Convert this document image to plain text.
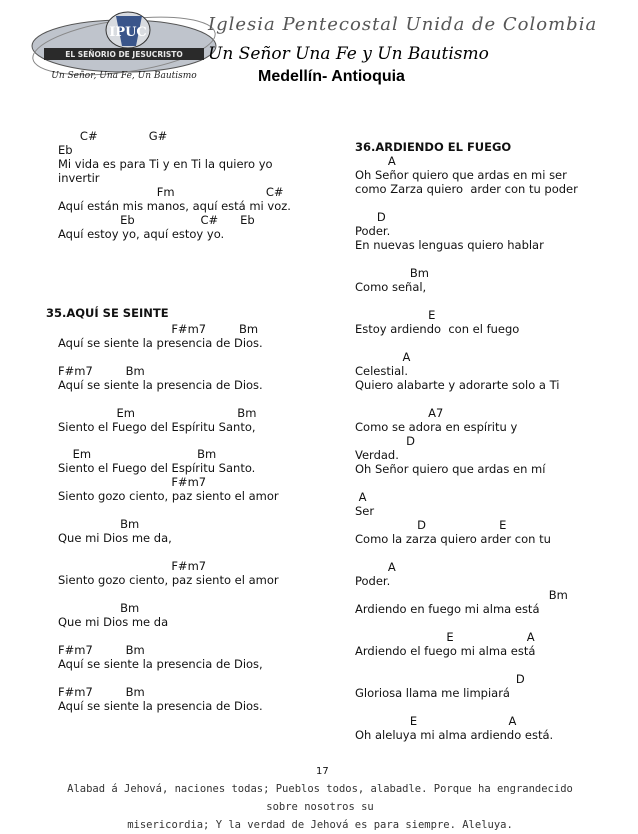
IPUC
EL SEÑORIO DE JESUCRISTO
Un Señor, Una Fe, Un Bautismo
Iglesia Pentecostal Unida de Colombia
Un Señor Una Fe y Un Bautismo
Medellín- Antioquia
C#              G#
Eb
Mi vida es para Ti y en Ti la quiero yo
invertir
Fm                         C#
Aquí están mis manos, aquí está mi voz.
Eb                  C#      Eb
Aquí estoy yo, aquí estoy yo.
35.AQUÍ SE SEINTE
F#m7         Bm
Aquí se siente la presencia de Dios.
F#m7         Bm
Aquí se siente la presencia de Dios.
Em                            Bm
Siento el Fuego del Espíritu Santo,
Em                             Bm
Siento el Fuego del Espíritu Santo.
F#m7
Siento gozo ciento, paz siento el amor
Bm
Que mi Dios me da,
F#m7
Siento gozo ciento, paz siento el amor
Bm
Que mi Dios me da
F#m7         Bm
Aquí se siente la presencia de Dios,
F#m7         Bm
Aquí se siente la presencia de Dios.
36.ARDIENDO EL FUEGO
A
Oh Señor quiero que ardas en mi ser
como Zarza quiero  arder con tu poder
D
Poder.
En nuevas lenguas quiero hablar
Bm
Como señal,
E
Estoy ardiendo  con el fuego
A
Celestial.
Quiero alabarte y adorarte solo a Ti
A7
Como se adora en espíritu y
D
Verdad.
Oh Señor quiero que ardas en mí
A
Ser
D                    E
Como la zarza quiero arder con tu
A
Poder.
Bm
Ardiendo en fuego mi alma está
E                    A
Ardiendo el fuego mi alma está
D
Gloriosa llama me limpiará
E                         A
Oh aleluya mi alma ardiendo está.
17
Alabad á Jehová, naciones todas; Pueblos todos, alabadle. Porque ha engrandecido sobre nosotros su
misericordia; Y la verdad de Jehová es para siempre. Aleluya.
